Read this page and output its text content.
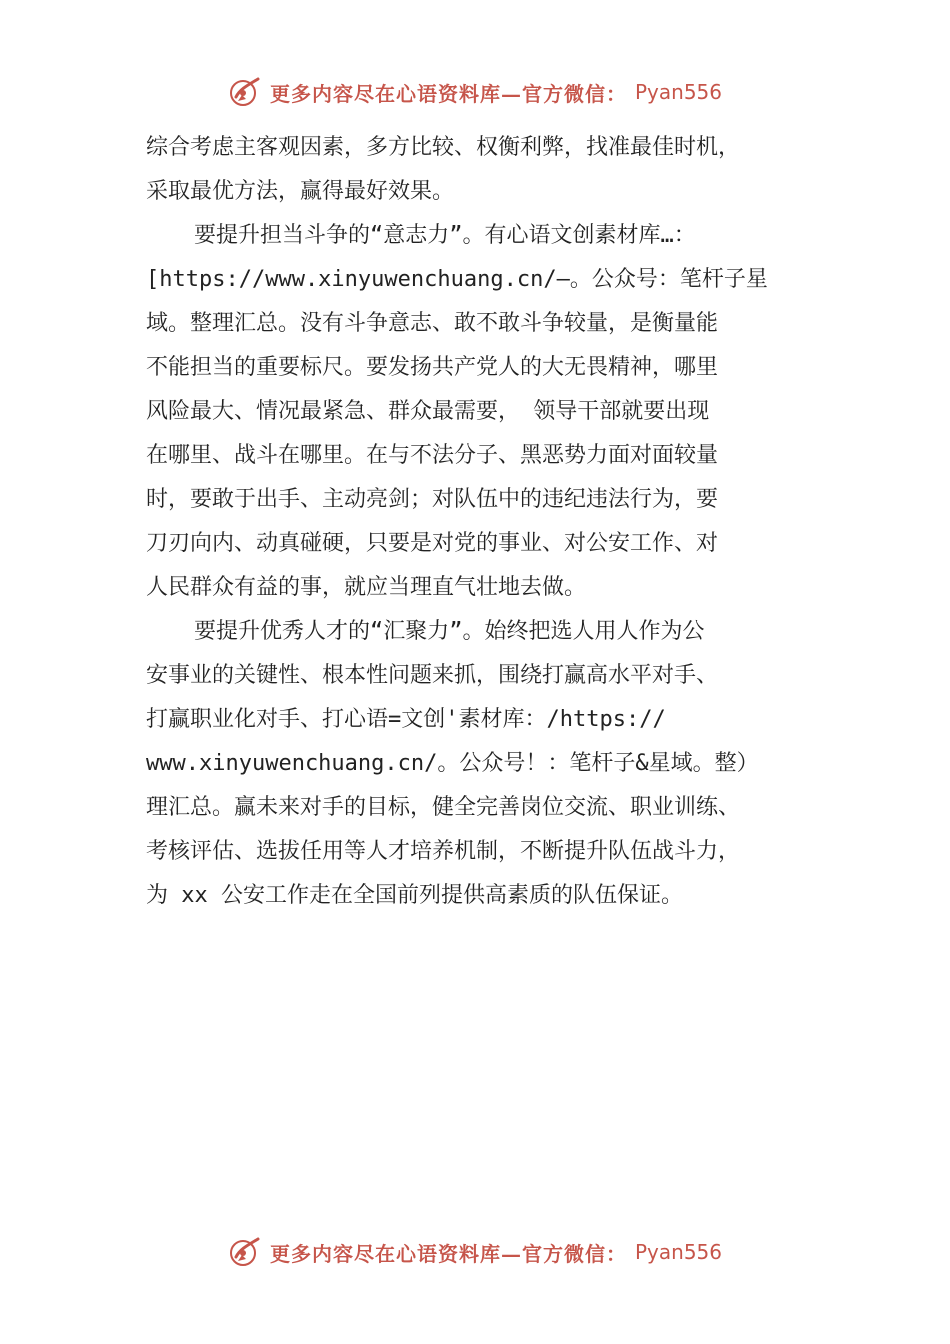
更多内容尽在心语资料库—官方微信： Pyan556
综合考虑主客观因素，多方比较、权衡利弊，找准最佳时机，
采取最优方法，赢得最好效果。
要提升担当斗争的“意志力”。有心语文创素材库…：
[https://www.xinyuwenchuang.cn/—。公众号：笔杆子星
域。整理汇总。没有斗争意志、敢不敢斗争较量，是衡量能
不能担当的重要标尺。要发扬共产党人的大无畏精神，哪里
风险最大、情况最紧急、群众最需要， 领导干部就要出现
在哪里、战斗在哪里。在与不法分子、黑恶势力面对面较量
时，要敢于出手、主动亮剑；对队伍中的违纪违法行为，要
刀刃向内、动真碰硬，只要是对党的事业、对公安工作、对
人民群众有益的事，就应当理直气壮地去做。
要提升优秀人才的“汇聚力”。始终把选人用人作为公
安事业的关键性、根本性问题来抓，围绕打赢高水平对手、
打赢职业化对手、打心语=文创'素材库：/https://
www.xinyuwenchuang.cn/。公众号！：笔杆子&星域。整）
理汇总。赢未来对手的目标，健全完善岗位交流、职业训练、
考核评估、选拔任用等人才培养机制，不断提升队伍战斗力，
为 xx 公安工作走在全国前列提供高素质的队伍保证。
更多内容尽在心语资料库—官方微信： Pyan556
